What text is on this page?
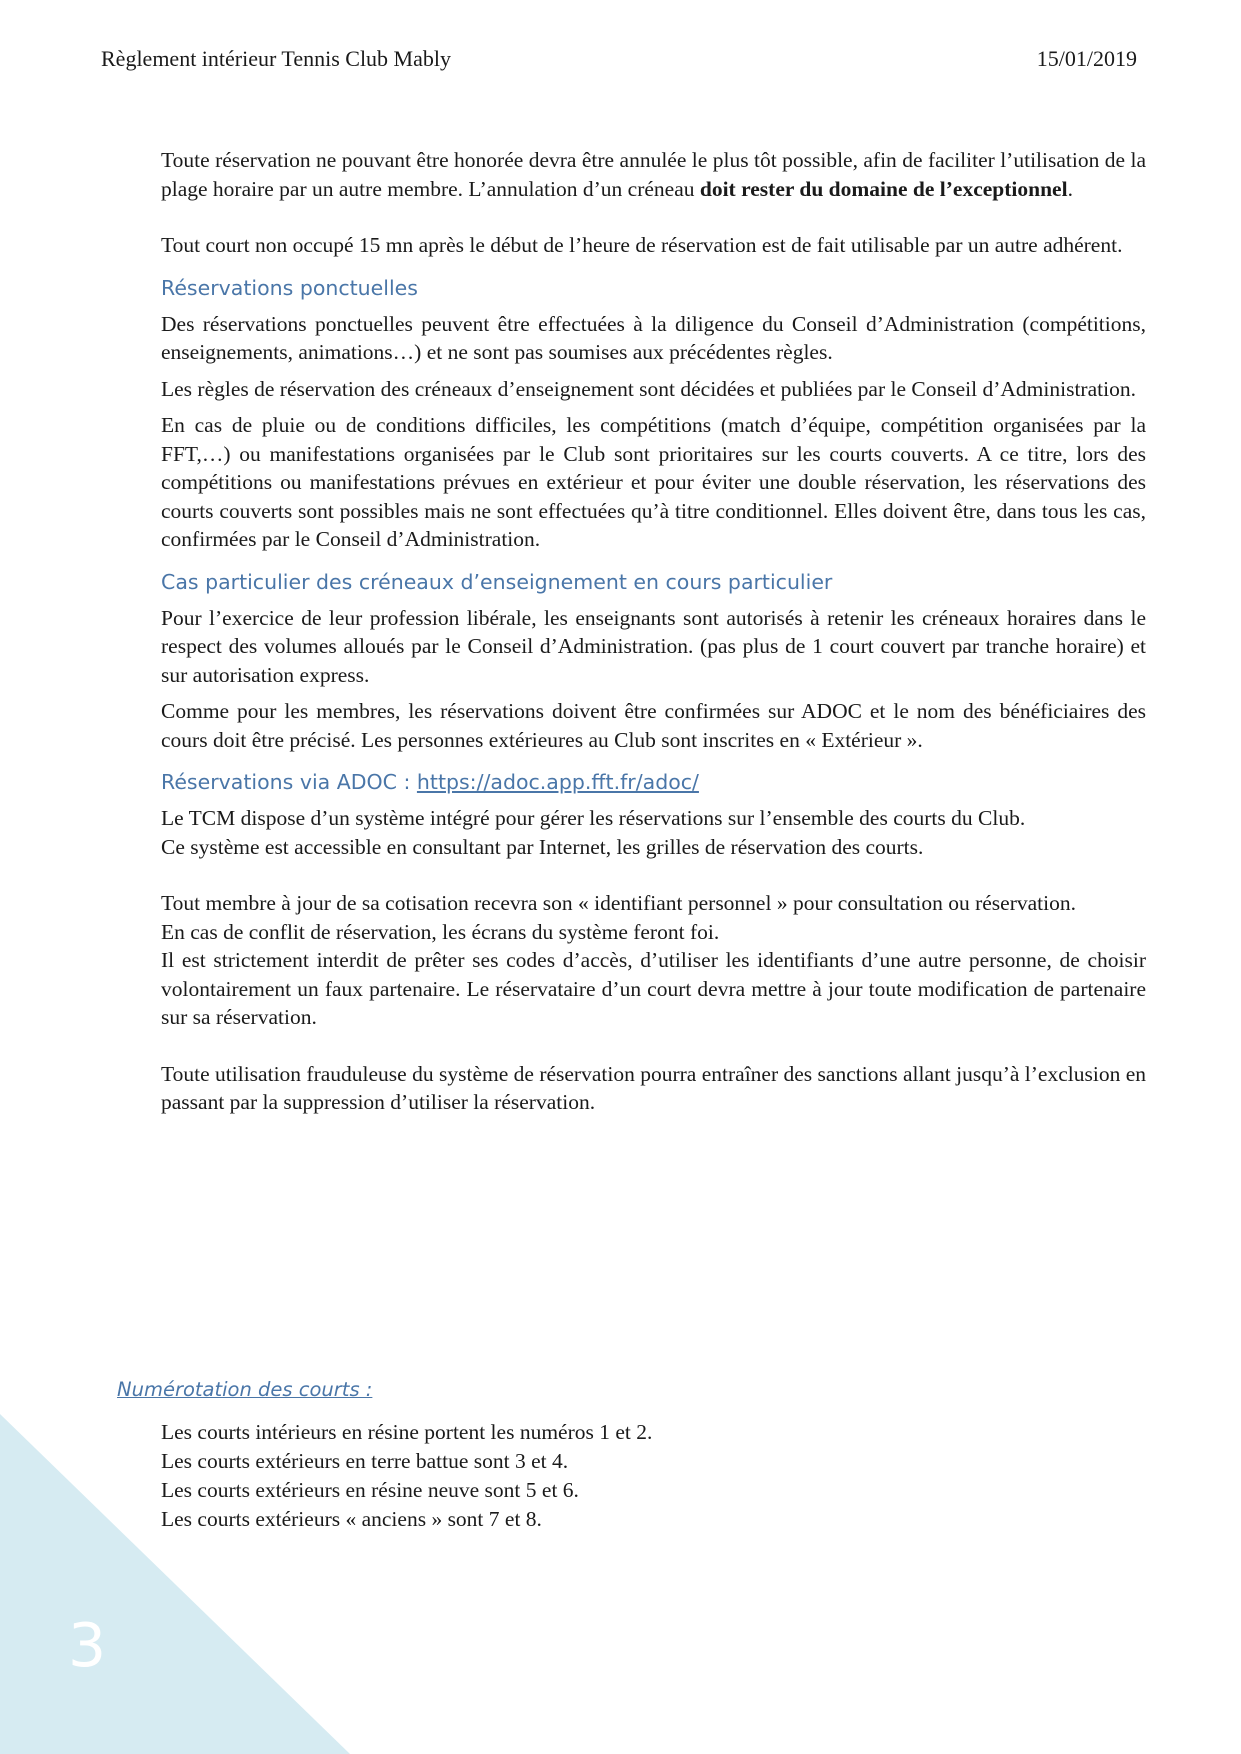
3
Règlement intérieur Tennis Club Mably	15/01/2019

Toute réservation ne pouvant être honorée devra être annulée le plus tôt possible, afin de faciliter l’utilisation de la plage horaire par un autre membre. L’annulation d’un créneau doit rester du domaine de l’exceptionnel.

Tout court non occupé 15 mn après le début de l’heure de réservation est de fait utilisable par un autre adhérent.

Réservations ponctuelles

Des réservations ponctuelles peuvent être effectuées à la diligence du Conseil d’Administration (compétitions, enseignements, animations…) et ne sont pas soumises aux précédentes règles.

Les règles de réservation des créneaux d’enseignement sont décidées et publiées par le Conseil d’Administration.

En cas de pluie ou de conditions difficiles, les compétitions (match d’équipe, compétition organisées par la FFT,…) ou manifestations organisées par le Club sont prioritaires sur les courts couverts. A ce titre, lors des compétitions ou manifestations prévues en extérieur et pour éviter une double réservation, les réservations des courts couverts sont possibles mais ne sont effectuées qu’à titre conditionnel. Elles doivent être, dans tous les cas, confirmées par le Conseil d’Administration.

Cas particulier des créneaux d’enseignement en cours particulier

Pour l’exercice de leur profession libérale, les enseignants sont autorisés à retenir les créneaux horaires dans le respect des volumes alloués par le Conseil d’Administration. (pas plus de 1 court couvert par tranche horaire) et sur autorisation express.

Comme pour les membres, les réservations doivent être confirmées sur ADOC et le nom des bénéficiaires des cours doit être précisé. Les personnes extérieures au Club sont inscrites en « Extérieur ».

Réservations via ADOC : https://adoc.app.fft.fr/adoc/

Le TCM dispose d’un système intégré pour gérer les réservations sur l’ensemble des courts du Club.

Ce système est accessible en consultant par Internet, les grilles de réservation des courts.

Tout membre à jour de sa cotisation recevra son « identifiant personnel » pour consultation ou réservation.

En cas de conflit de réservation, les écrans du système feront foi.

Il est strictement interdit de prêter ses codes d’accès, d’utiliser les identifiants d’une autre personne, de choisir volontairement un faux partenaire. Le réservataire d’un court devra mettre à jour toute modification de partenaire sur sa réservation.

Toute utilisation frauduleuse du système de réservation pourra entraîner des sanctions allant jusqu’à l’exclusion en passant par la suppression d’utiliser la réservation.

Numérotation des courts :
Les courts intérieurs en résine portent les numéros 1 et 2.
Les courts extérieurs en terre battue sont 3 et 4.
Les courts extérieurs en résine neuve sont 5 et 6.
Les courts extérieurs « anciens » sont 7 et 8.
